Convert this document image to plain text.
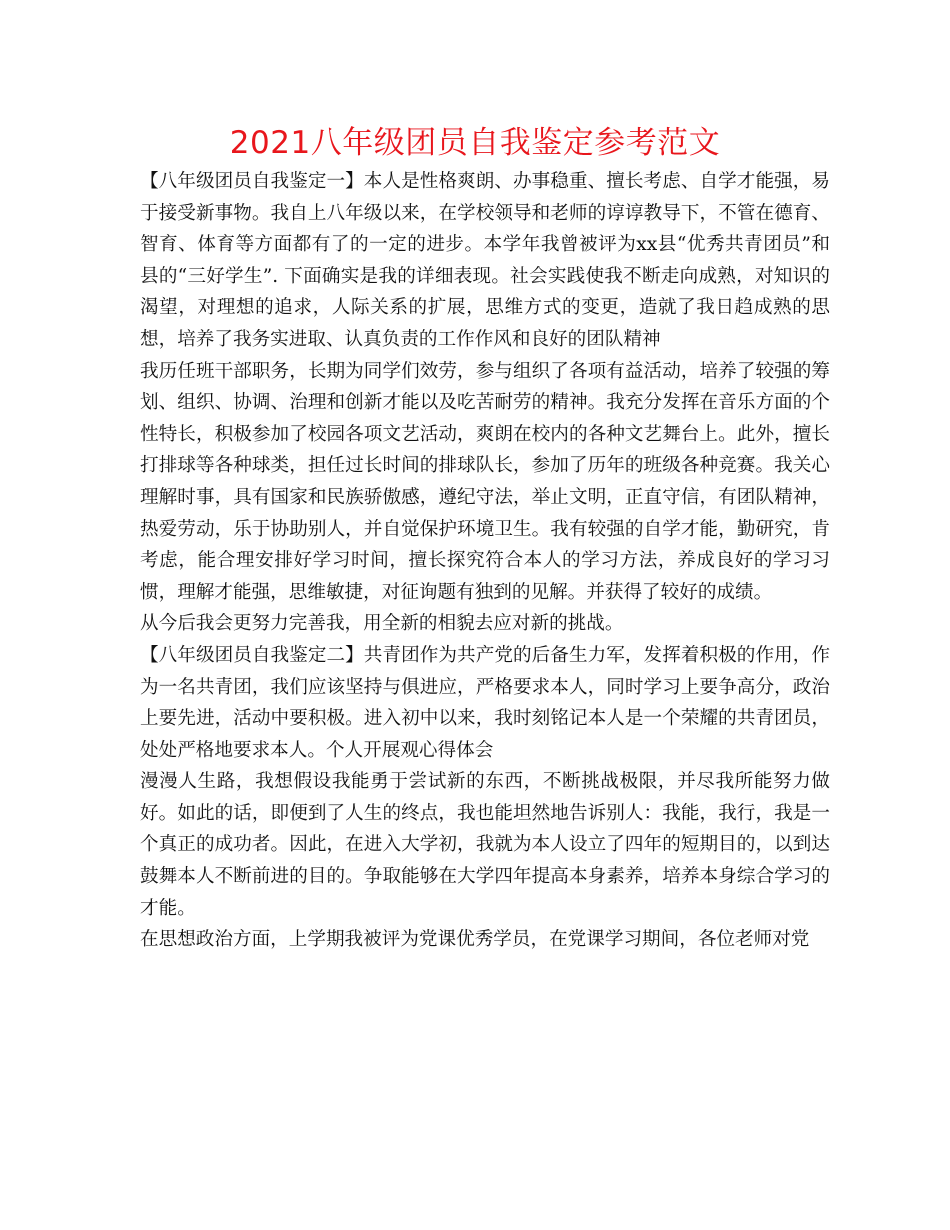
2021八年级团员自我鉴定参考范文

【八年级团员自我鉴定一】本人是性格爽朗、办事稳重、擅长考虑、自学才能强，易于接受新事物。我自上八年级以来，在学校领导和老师的谆谆教导下，不管在德育、智育、体育等方面都有了的一定的进步。本学年我曾被评为xx县“优秀共青团员”和县的“三好学生”. 下面确实是我的详细表现。社会实践使我不断走向成熟，对知识的渴望，对理想的追求，人际关系的扩展，思维方式的变更，造就了我日趋成熟的思想，培养了我务实进取、认真负责的工作作风和良好的团队精神

我历任班干部职务，长期为同学们效劳，参与组织了各项有益活动，培养了较强的筹划、组织、协调、治理和创新才能以及吃苦耐劳的精神。我充分发挥在音乐方面的个性特长，积极参加了校园各项文艺活动，爽朗在校内的各种文艺舞台上。此外，擅长打排球等各种球类，担任过长时间的排球队长，参加了历年的班级各种竞赛。我关心理解时事，具有国家和民族骄傲感，遵纪守法，举止文明，正直守信，有团队精神，热爱劳动，乐于协助别人，并自觉保护环境卫生。我有较强的自学才能，勤研究，肯考虑，能合理安排好学习时间，擅长探究符合本人的学习方法，养成良好的学习习惯，理解才能强，思维敏捷，对征询题有独到的见解。并获得了较好的成绩。

从今后我会更努力完善我，用全新的相貌去应对新的挑战。

【八年级团员自我鉴定二】共青团作为共产党的后备生力军，发挥着积极的作用，作为一名共青团，我们应该坚持与俱进应，严格要求本人，同时学习上要争高分，政治上要先进，活动中要积极。进入初中以来，我时刻铭记本人是一个荣耀的共青团员，处处严格地要求本人。个人开展观心得体会

漫漫人生路，我想假设我能勇于尝试新的东西，不断挑战极限，并尽我所能努力做好。如此的话，即便到了人生的终点，我也能坦然地告诉别人：我能，我行，我是一个真正的成功者。因此，在进入大学初，我就为本人设立了四年的短期目的，以到达鼓舞本人不断前进的目的。争取能够在大学四年提高本身素养，培养本身综合学习的才能。

在思想政治方面，上学期我被评为党课优秀学员，在党课学习期间，各位老师对党
